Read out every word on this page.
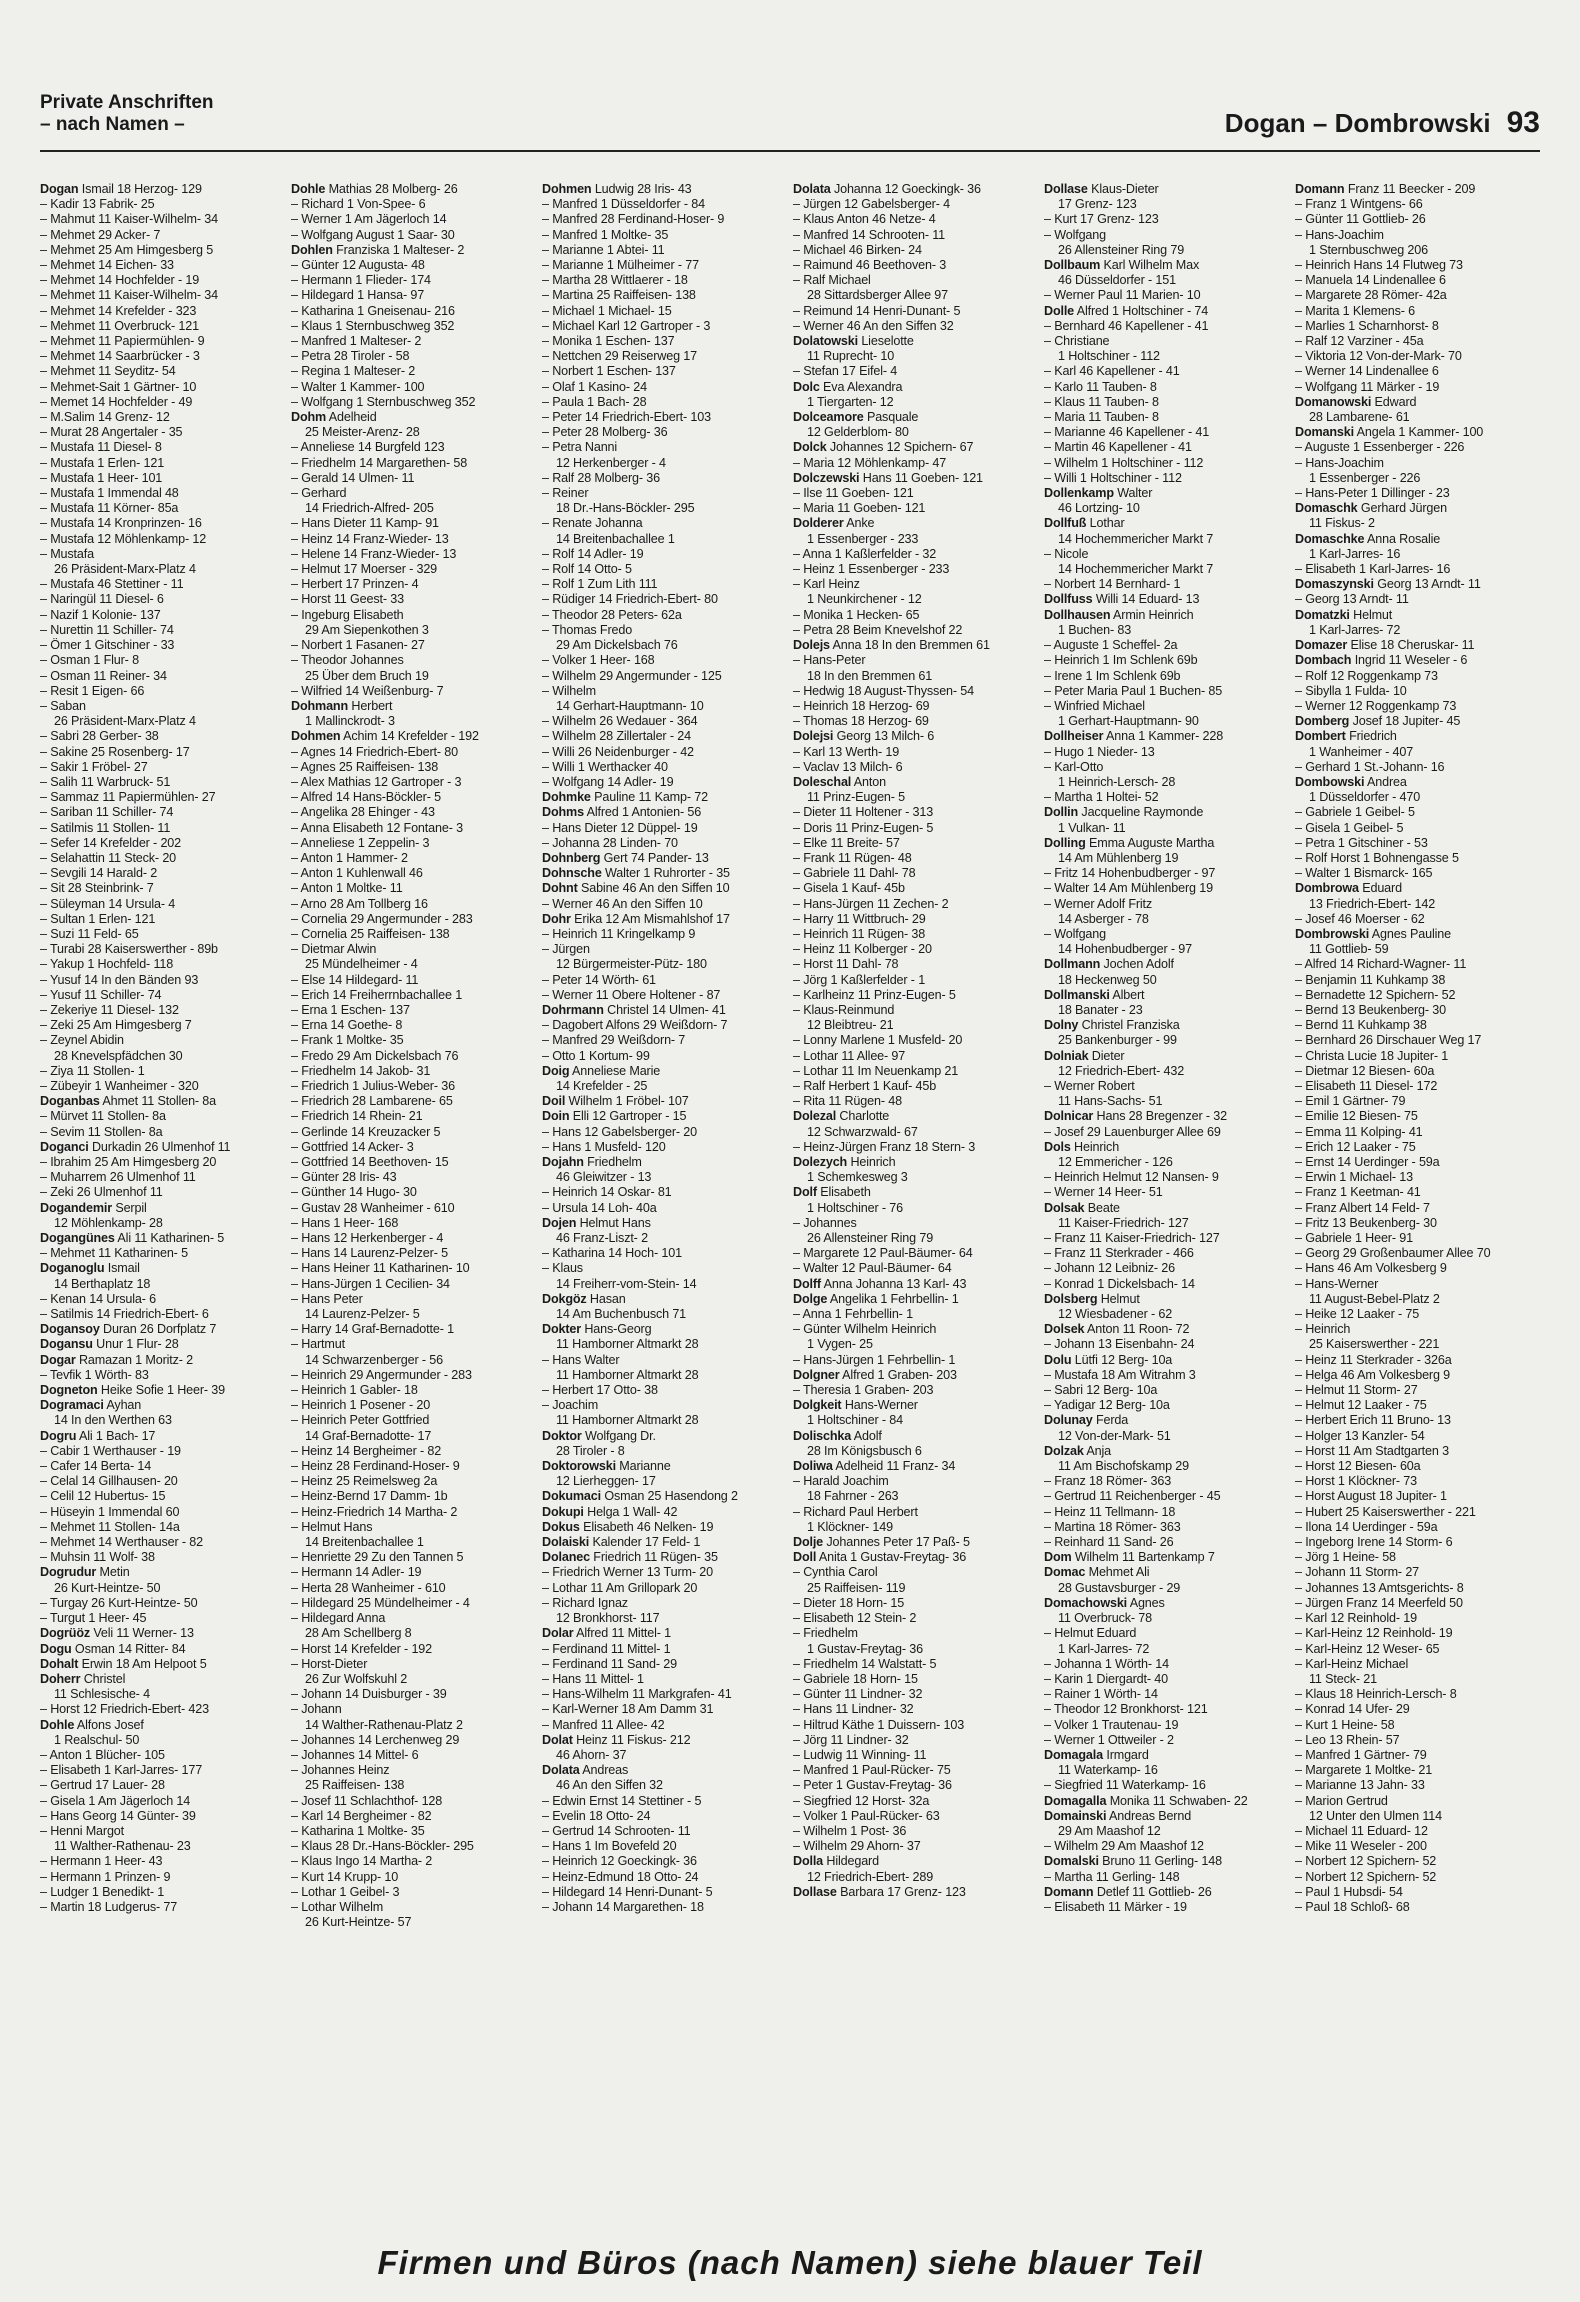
Private Anschriften
– nach Namen –	Dogan – Dombrowski 93
Dogan Ismail 18 Herzog- 129
– Kadir 13 Fabrik- 25
– Mahmut 11 Kaiser-Wilhelm- 34
– Mehmet 29 Acker- 7
– Mehmet 25 Am Himgesberg 5
– Mehmet 14 Eichen- 33
– Mehmet 14 Hochfelder - 19
– Mehmet 11 Kaiser-Wilhelm- 34
– Mehmet 14 Krefelder - 323
– Mehmet 11 Overbruck- 121
– Mehmet 11 Papiermühlen- 9
– Mehmet 14 Saarbrücker - 3
– Mehmet 11 Seyditz- 54
– Mehmet-Sait 1 Gärtner- 10
– Memet 14 Hochfelder - 49
– M.Salim 14 Grenz- 12
– Murat 28 Angertaler - 35
– Mustafa 11 Diesel- 8
– Mustafa 1 Erlen- 121
– Mustafa 1 Heer- 101
– Mustafa 1 Immendal 48
– Mustafa 11 Körner- 85a
– Mustafa 14 Kronprinzen- 16
– Mustafa 12 Möhlenkamp- 12
– Mustafa
26 Präsident-Marx-Platz 4
– Mustafa 46 Stettiner - 11
– Naringül 11 Diesel- 6
– Nazif 1 Kolonie- 137
– Nurettin 11 Schiller- 74
– Ömer 1 Gitschiner - 33
– Osman 1 Flur- 8
– Osman 11 Reiner- 34
– Resit 1 Eigen- 66
– Saban
26 Präsident-Marx-Platz 4
– Sabri 28 Gerber- 38
– Sakine 25 Rosenberg- 17
– Sakir 1 Fröbel- 27
– Salih 11 Warbruck- 51
– Sammaz 11 Papiermühlen- 27
– Sariban 11 Schiller- 74
– Satilmis 11 Stollen- 11
– Sefer 14 Krefelder - 202
– Selahattin 11 Steck- 20
– Sevgili 14 Harald- 2
– Sit 28 Steinbrink- 7
– Süleyman 14 Ursula- 4
– Sultan 1 Erlen- 121
– Suzi 11 Feld- 65
– Turabi 28 Kaiserswerther - 89b
– Yakup 1 Hochfeld- 118
– Yusuf 14 In den Bänden 93
– Yusuf 11 Schiller- 74
– Zekeriye 11 Diesel- 132
– Zeki 25 Am Himgesberg 7
– Zeynel Abidin
28 Knevelspfädchen 30
– Ziya 11 Stollen- 1
– Zübeyir 1 Wanheimer - 320
Doganbas Ahmet 11 Stollen- 8a
– Mürvet 11 Stollen- 8a
– Sevim 11 Stollen- 8a
Doganci Durkadin 26 Ulmenhof 11
– Ibrahim 25 Am Himgesberg 20
– Muharrem 26 Ulmenhof 11
– Zeki 26 Ulmenhof 11
Dogandemir Serpil
12 Möhlenkamp- 28
Dogangünes Ali 11 Katharinen- 5
– Mehmet 11 Katharinen- 5
Doganoglu Ismail
14 Berthaplatz 18
– Kenan 14 Ursula- 6
– Satilmis 14 Friedrich-Ebert- 6
Dogansoy Duran 26 Dorfplatz 7
Dogansu Unur 1 Flur- 28
Dogar Ramazan 1 Moritz- 2
– Tevfik 1 Wörth- 83
Dogneton Heike Sofie 1 Heer- 39
Dogramaci Ayhan
14 In den Werthen 63
Dogru Ali 1 Bach- 17
– Cabir 1 Werthauser - 19
– Cafer 14 Berta- 14
– Celal 14 Gillhausen- 20
– Celil 12 Hubertus- 15
– Hüseyin 1 Immendal 60
– Mehmet 11 Stollen- 14a
– Mehmet 14 Werthauser - 82
– Muhsin 11 Wolf- 38
Dogrudur Metin
26 Kurt-Heintze- 50
– Turgay 26 Kurt-Heintze- 50
– Turgut 1 Heer- 45
Dogrüöz Veli 11 Werner- 13
Dogu Osman 14 Ritter- 84
Dohalt Erwin 18 Am Helpoot 5
Doherr Christel
11 Schlesische- 4
– Horst 12 Friedrich-Ebert- 423
Dohle Alfons Josef
1 Realschul- 50
– Anton 1 Blücher- 105
– Elisabeth 1 Karl-Jarres- 177
– Gertrud 17 Lauer- 28
– Gisela 1 Am Jägerloch 14
– Hans Georg 14 Günter- 39
– Henni Margot
11 Walther-Rathenau- 23
– Hermann 1 Heer- 43
– Hermann 1 Prinzen- 9
– Ludger 1 Benedikt- 1
– Martin 18 Ludgerus- 77
Dohle Mathias 28 Molberg- 26
– Richard 1 Von-Spee- 6
– Werner 1 Am Jägerloch 14
– Wolfgang August 1 Saar- 30
Dohlen Franziska 1 Malteser- 2
– Günter 12 Augusta- 48
– Hermann 1 Flieder- 174
– Hildegard 1 Hansa- 97
– Katharina 1 Gneisenau- 216
– Klaus 1 Sternbuschweg 352
– Manfred 1 Malteser- 2
– Petra 28 Tiroler - 58
– Regina 1 Malteser- 2
– Walter 1 Kammer- 100
– Wolfgang 1 Sternbuschweg 352
Dohm Adelheid
25 Meister-Arenz- 28
– Anneliese 14 Burgfeld 123
– Friedhelm 14 Margarethen- 58
– Gerald 14 Ulmen- 11
– Gerhard
14 Friedrich-Alfred- 205
– Hans Dieter 11 Kamp- 91
– Heinz 14 Franz-Wieder- 13
– Helene 14 Franz-Wieder- 13
– Helmut 17 Moerser - 329
– Herbert 17 Prinzen- 4
– Horst 11 Geest- 33
– Ingeburg Elisabeth
29 Am Siepenkothen 3
– Norbert 1 Fasanen- 27
– Theodor Johannes
25 Über dem Bruch 19
– Wilfried 14 Weißenburg- 7
Dohmann Herbert
1 Mallinckrodt- 3
Dohmen Achim 14 Krefelder - 192
– Agnes 14 Friedrich-Ebert- 80
– Agnes 25 Raiffeisen- 138
– Alex Mathias 12 Gartroper - 3
– Alfred 14 Hans-Böckler- 5
– Angelika 28 Ehinger - 43
– Anna Elisabeth 12 Fontane- 3
– Anneliese 1 Zeppelin- 3
– Anton 1 Hammer- 2
– Anton 1 Kuhlenwall 46
– Anton 1 Moltke- 11
– Arno 28 Am Tollberg 16
– Cornelia 29 Angermunder - 283
– Cornelia 25 Raiffeisen- 138
– Dietmar Alwin
25 Mündelheimer - 4
– Else 14 Hildegard- 11
– Erich 14 Freiherrnbachallee 1
– Erna 1 Eschen- 137
– Erna 14 Goethe- 8
– Frank 1 Moltke- 35
– Fredo 29 Am Dickelsbach 76
– Friedhelm 14 Jakob- 31
– Friedrich 1 Julius-Weber- 36
– Friedrich 28 Lambarene- 65
– Friedrich 14 Rhein- 21
– Gerlinde 14 Kreuzacker 5
– Gottfried 14 Acker- 3
– Gottfried 14 Beethoven- 15
– Günter 28 Iris- 43
– Günther 14 Hugo- 30
– Gustav 28 Wanheimer - 610
– Hans 1 Heer- 168
– Hans 12 Herkenberger - 4
– Hans 14 Laurenz-Pelzer- 5
– Hans Heiner 11 Katharinen- 10
– Hans-Jürgen 1 Cecilien- 34
– Hans Peter
14 Laurenz-Pelzer- 5
– Harry 14 Graf-Bernadotte- 1
– Hartmut
14 Schwarzenberger - 56
– Heinrich 29 Angermunder - 283
– Heinrich 1 Gabler- 18
– Heinrich 1 Posener - 20
– Heinrich Peter Gottfried
14 Graf-Bernadotte- 17
– Heinz 14 Bergheimer - 82
– Heinz 28 Ferdinand-Hoser- 9
– Heinz 25 Reimelsweg 2a
– Heinz-Bernd 17 Damm- 1b
– Heinz-Friedrich 14 Martha- 2
– Helmut Hans
14 Breitenbachallee 1
– Henriette 29 Zu den Tannen 5
– Hermann 14 Adler- 19
– Herta 28 Wanheimer - 610
– Hildegard 25 Mündelheimer - 4
– Hildegard Anna
28 Am Schellberg 8
– Horst 14 Krefelder - 192
– Horst-Dieter
26 Zur Wolfskuhl 2
– Johann 14 Duisburger - 39
– Johann
14 Walther-Rathenau-Platz 2
– Johannes 14 Lerchenweg 29
– Johannes 14 Mittel- 6
– Johannes Heinz
25 Raiffeisen- 138
– Josef 11 Schlachthof- 128
– Karl 14 Bergheimer - 82
– Katharina 1 Moltke- 35
– Klaus 28 Dr.-Hans-Böckler- 295
– Klaus Ingo 14 Martha- 2
– Kurt 14 Krupp- 10
– Lothar 1 Geibel- 3
– Lothar Wilhelm
26 Kurt-Heintze- 57
Dohmen Ludwig 28 Iris- 43
– Manfred 1 Düsseldorfer - 84
– Manfred 28 Ferdinand-Hoser- 9
– Manfred 1 Moltke- 35
– Marianne 1 Abtei- 11
– Marianne 1 Mülheimer - 77
– Martha 28 Wittlaerer - 18
– Martina 25 Raiffeisen- 138
– Michael 1 Michael- 15
– Michael Karl 12 Gartroper - 3
– Monika 1 Eschen- 137
– Nettchen 29 Reiserweg 17
– Norbert 1 Eschen- 137
– Olaf 1 Kasino- 24
– Paula 1 Bach- 28
– Peter 14 Friedrich-Ebert- 103
– Peter 28 Molberg- 36
– Petra Nanni
12 Herkenberger - 4
– Ralf 28 Molberg- 36
– Reiner
18 Dr.-Hans-Böckler- 295
– Renate Johanna
14 Breitenbachallee 1
– Rolf 14 Adler- 19
– Rolf 14 Otto- 5
– Rolf 1 Zum Lith 111
– Rüdiger 14 Friedrich-Ebert- 80
– Theodor 28 Peters- 62a
– Thomas Fredo
29 Am Dickelsbach 76
– Volker 1 Heer- 168
– Wilhelm 29 Angermunder - 125
– Wilhelm
14 Gerhart-Hauptmann- 10
– Wilhelm 26 Wedauer - 364
– Wilhelm 28 Zillertaler - 24
– Willi 26 Neidenburger - 42
– Willi 1 Werthacker 40
– Wolfgang 14 Adler- 19
Dohmke Pauline 11 Kamp- 72
Dohms Alfred 1 Antonien- 56
– Hans Dieter 12 Düppel- 19
– Johanna 28 Linden- 70
Dohnberg Gert 74 Pander- 13
Dohnsche Walter 1 Ruhrorter - 35
Dohnt Sabine 46 An den Siffen 10
– Werner 46 An den Siffen 10
Dohr Erika 12 Am Mismahlshof 17
– Heinrich 11 Kringelkamp 9
– Jürgen
12 Bürgermeister-Pütz- 180
– Peter 14 Wörth- 61
– Werner 11 Obere Holtener - 87
Dohrmann Christel 14 Ulmen- 41
– Dagobert Alfons 29 Weißdorn- 7
– Manfred 29 Weißdorn- 7
– Otto 1 Kortum- 99
Doig Anneliese Marie
14 Krefelder - 25
Doil Wilhelm 1 Fröbel- 107
Doin Elli 12 Gartroper - 15
– Hans 12 Gabelsberger- 20
– Hans 1 Musfeld- 120
Dojahn Friedhelm
46 Gleiwitzer - 13
– Heinrich 14 Oskar- 81
– Ursula 14 Loh- 40a
Dojen Helmut Hans
46 Franz-Liszt- 2
– Katharina 14 Hoch- 101
– Klaus
14 Freiherr-vom-Stein- 14
Dokgöz Hasan
14 Am Buchenbusch 71
Dokter Hans-Georg
11 Hamborner Altmarkt 28
– Hans Walter
11 Hamborner Altmarkt 28
– Herbert 17 Otto- 38
– Joachim
11 Hamborner Altmarkt 28
Doktor Wolfgang Dr.
28 Tiroler - 8
Doktorowski Marianne
12 Lierheggen- 17
Dokumaci Osman 25 Hasendong 2
Dokupi Helga 1 Wall- 42
Dokus Elisabeth 46 Nelken- 19
Dolaiski Kalender 17 Feld- 1
Dolanec Friedrich 11 Rügen- 35
– Friedrich Werner 13 Turm- 20
– Lothar 11 Am Grillopark 20
– Richard Ignaz
12 Bronkhorst- 117
Dolar Alfred 11 Mittel- 1
– Ferdinand 11 Mittel- 1
– Ferdinand 11 Sand- 29
– Hans 11 Mittel- 1
– Hans-Wilhelm 11 Markgrafen- 41
– Karl-Werner 18 Am Damm 31
– Manfred 11 Allee- 42
Dolat Heinz 11 Fiskus- 212
46 Ahorn- 37
Dolata Andreas
46 An den Siffen 32
– Edwin Ernst 14 Stettiner - 5
– Evelin 18 Otto- 24
– Gertrud 14 Schrooten- 11
– Hans 1 Im Bovefeld 20
– Heinrich 12 Goeckingk- 36
– Heinz-Edmund 18 Otto- 24
– Hildegard 14 Henri-Dunant- 5
– Johann 14 Margarethen- 18
Dolata Johanna 12 Goeckingk- 36
– Jürgen 12 Gabelsberger- 4
– Klaus Anton 46 Netze- 4
– Manfred 14 Schrooten- 11
– Michael 46 Birken- 24
– Raimund 46 Beethoven- 3
– Ralf Michael
28 Sittardsberger Allee 97
– Reimund 14 Henri-Dunant- 5
– Werner 46 An den Siffen 32
Dolatowski Lieselotte
11 Ruprecht- 10
– Stefan 17 Eifel- 4
Dolc Eva Alexandra
1 Tiergarten- 12
Dolceamore Pasquale
12 Gelderblom- 80
Dolck Johannes 12 Spichern- 67
– Maria 12 Möhlenkamp- 47
Dolczewski Hans 11 Goeben- 121
– Ilse 11 Goeben- 121
– Maria 11 Goeben- 121
Dolderer Anke
1 Essenberger - 233
– Anna 1 Kaßlerfelder - 32
– Heinz 1 Essenberger - 233
– Karl Heinz
1 Neunkirchener - 12
– Monika 1 Hecken- 65
– Petra 28 Beim Knevelshof 22
Dolejs Anna 18 In den Bremmen 61
– Hans-Peter
18 In den Bremmen 61
– Hedwig 18 August-Thyssen- 54
– Heinrich 18 Herzog- 69
– Thomas 18 Herzog- 69
Dolejsi Georg 13 Milch- 6
– Karl 13 Werth- 19
– Vaclav 13 Milch- 6
Doleschal Anton
11 Prinz-Eugen- 5
– Dieter 11 Holtener - 313
– Doris 11 Prinz-Eugen- 5
– Elke 11 Breite- 57
– Frank 11 Rügen- 48
– Gabriele 11 Dahl- 78
– Gisela 1 Kauf- 45b
– Hans-Jürgen 11 Zechen- 2
– Harry 11 Wittbruch- 29
– Heinrich 11 Rügen- 38
– Heinz 11 Kolberger - 20
– Horst 11 Dahl- 78
– Jörg 1 Kaßlerfelder - 1
– Karlheinz 11 Prinz-Eugen- 5
– Klaus-Reinmund
12 Bleibtreu- 21
– Lonny Marlene 1 Musfeld- 20
– Lothar 11 Allee- 97
– Lothar 11 Im Neuenkamp 21
– Ralf Herbert 1 Kauf- 45b
– Rita 11 Rügen- 48
Dolezal Charlotte
12 Schwarzwald- 67
– Heinz-Jürgen Franz 18 Stern- 3
Dolezych Heinrich
1 Schemkesweg 3
Dolf Elisabeth
1 Holtschiner - 76
– Johannes
26 Allensteiner Ring 79
– Margarete 12 Paul-Bäumer- 64
– Walter 12 Paul-Bäumer- 64
Dolff Anna Johanna 13 Karl- 43
Dolge Angelika 1 Fehrbellin- 1
– Anna 1 Fehrbellin- 1
– Günter Wilhelm Heinrich
1 Vygen- 25
– Hans-Jürgen 1 Fehrbellin- 1
Dolgner Alfred 1 Graben- 203
– Theresia 1 Graben- 203
Dolgkeit Hans-Werner
1 Holtschiner - 84
Dolischka Adolf
28 Im Königsbusch 6
Doliwa Adelheid 11 Franz- 34
– Harald Joachim
18 Fahrner - 263
– Richard Paul Herbert
1 Klöckner- 149
Dolje Johannes Peter 17 Paß- 5
Doll Anita 1 Gustav-Freytag- 36
– Cynthia Carol
25 Raiffeisen- 119
– Dieter 18 Horn- 15
– Elisabeth 12 Stein- 2
– Friedhelm
1 Gustav-Freytag- 36
– Friedhelm 14 Walstatt- 5
– Gabriele 18 Horn- 15
– Günter 11 Lindner- 32
– Hans 11 Lindner- 32
– Hiltrud Käthe 1 Duissern- 103
– Jörg 11 Lindner- 32
– Ludwig 11 Winning- 11
– Manfred 1 Paul-Rücker- 75
– Peter 1 Gustav-Freytag- 36
– Siegfried 12 Horst- 32a
– Volker 1 Paul-Rücker- 63
– Wilhelm 1 Post- 36
– Wilhelm 29 Ahorn- 37
Dolla Hildegard
12 Friedrich-Ebert- 289
Dollase Barbara 17 Grenz- 123
Dollase Klaus-Dieter
17 Grenz- 123
– Kurt 17 Grenz- 123
– Wolfgang
26 Allensteiner Ring 79
Dollbaum Karl Wilhelm Max
46 Düsseldorfer - 151
– Werner Paul 11 Marien- 10
Dolle Alfred 1 Holtschiner - 74
– Bernhard 46 Kapellener - 41
– Christiane
1 Holtschiner - 112
– Karl 46 Kapellener - 41
– Karlo 11 Tauben- 8
– Klaus 11 Tauben- 8
– Maria 11 Tauben- 8
– Marianne 46 Kapellener - 41
– Martin 46 Kapellener - 41
– Wilhelm 1 Holtschiner - 112
– Willi 1 Holtschiner - 112
Dollenkamp Walter
46 Lortzing- 10
Dollfuß Lothar
14 Hochemmericher Markt 7
– Nicole
14 Hochemmericher Markt 7
– Norbert 14 Bernhard- 1
Dollfuss Willi 14 Eduard- 13
Dollhausen Armin Heinrich
1 Buchen- 83
– Auguste 1 Scheffel- 2a
– Heinrich 1 Im Schlenk 69b
– Irene 1 Im Schlenk 69b
– Peter Maria Paul 1 Buchen- 85
– Winfried Michael
1 Gerhart-Hauptmann- 90
Dollheiser Anna 1 Kammer- 228
– Hugo 1 Nieder- 13
– Karl-Otto
1 Heinrich-Lersch- 28
– Martha 1 Holtei- 52
Dollin Jacqueline Raymonde
1 Vulkan- 11
Dolling Emma Auguste Martha
14 Am Mühlenberg 19
– Fritz 14 Hohenbudberger - 97
– Walter 14 Am Mühlenberg 19
– Werner Adolf Fritz
14 Asberger - 78
– Wolfgang
14 Hohenbudberger - 97
Dollmann Jochen Adolf
18 Heckenweg 50
Dollmanski Albert
18 Banater - 23
Dolny Christel Franziska
25 Bankenburger - 99
Dolniak Dieter
12 Friedrich-Ebert- 432
– Werner Robert
11 Hans-Sachs- 51
Dolnicar Hans 28 Bregenzer - 32
– Josef 29 Lauenburger Allee 69
Dols Heinrich
12 Emmericher - 126
– Heinrich Helmut 12 Nansen- 9
– Werner 14 Heer- 51
Dolsak Beate
11 Kaiser-Friedrich- 127
– Franz 11 Kaiser-Friedrich- 127
– Franz 11 Sterkrader - 466
– Johann 12 Leibniz- 26
– Konrad 1 Dickelsbach- 14
Dolsberg Helmut
12 Wiesbadener - 62
Dolsek Anton 11 Roon- 72
– Johann 13 Eisenbahn- 24
Dolu Lütfi 12 Berg- 10a
– Mustafa 18 Am Witrahm 3
– Sabri 12 Berg- 10a
– Yadigar 12 Berg- 10a
Dolunay Ferda
12 Von-der-Mark- 51
Dolzak Anja
11 Am Bischofskamp 29
– Franz 18 Römer- 363
– Gertrud 11 Reichenberger - 45
– Heinz 11 Tellmann- 18
– Martina 18 Römer- 363
– Reinhard 11 Sand- 26
Dom Wilhelm 11 Bartenkamp 7
Domac Mehmet Ali
28 Gustavsburger - 29
Domachowski Agnes
11 Overbruck- 78
– Helmut Eduard
1 Karl-Jarres- 72
– Johanna 1 Wörth- 14
– Karin 1 Diergardt- 40
– Rainer 1 Wörth- 14
– Theodor 12 Bronkhorst- 121
– Volker 1 Trautenau- 19
– Werner 1 Ottweiler - 2
Domagala Irmgard
11 Waterkamp- 16
– Siegfried 11 Waterkamp- 16
Domagalla Monika 11 Schwaben- 22
Domainski Andreas Bernd
29 Am Maashof 12
– Wilhelm 29 Am Maashof 12
Domalski Bruno 11 Gerling- 148
– Martha 11 Gerling- 148
Domann Detlef 11 Gottlieb- 26
– Elisabeth 11 Märker - 19
Domann Franz 11 Beecker - 209
– Franz 1 Wintgens- 66
– Günter 11 Gottlieb- 26
– Hans-Joachim
1 Sternbuschweg 206
– Heinrich Hans 14 Flutweg 73
– Manuela 14 Lindenallee 6
– Margarete 28 Römer- 42a
– Marita 1 Klemens- 6
– Marlies 1 Scharnhorst- 8
– Ralf 12 Varziner - 45a
– Viktoria 12 Von-der-Mark- 70
– Werner 14 Lindenallee 6
– Wolfgang 11 Märker - 19
Domanowski Edward
28 Lambarene- 61
Domanski Angela 1 Kammer- 100
– Auguste 1 Essenberger - 226
– Hans-Joachim
1 Essenberger - 226
– Hans-Peter 1 Dillinger - 23
Domaschk Gerhard Jürgen
11 Fiskus- 2
Domaschke Anna Rosalie
1 Karl-Jarres- 16
– Elisabeth 1 Karl-Jarres- 16
Domaszynski Georg 13 Arndt- 11
– Georg 13 Arndt- 11
Domatzki Helmut
1 Karl-Jarres- 72
Domazer Elise 18 Cheruskar- 11
Dombach Ingrid 11 Weseler - 6
– Rolf 12 Roggenkamp 73
– Sibylla 1 Fulda- 10
– Werner 12 Roggenkamp 73
Domberg Josef 18 Jupiter- 45
Dombert Friedrich
1 Wanheimer - 407
– Gerhard 1 St.-Johann- 16
Dombowski Andrea
1 Düsseldorfer - 470
– Gabriele 1 Geibel- 5
– Gisela 1 Geibel- 5
– Petra 1 Gitschiner - 53
– Rolf Horst 1 Bohnengasse 5
– Walter 1 Bismarck- 165
Dombrowa Eduard
13 Friedrich-Ebert- 142
– Josef 46 Moerser - 62
Dombrowski Agnes Pauline
11 Gottlieb- 59
– Alfred 14 Richard-Wagner- 11
– Benjamin 11 Kuhkamp 38
– Bernadette 12 Spichern- 52
– Bernd 13 Beukenberg- 30
– Bernd 11 Kuhkamp 38
– Bernhard 26 Dirschauer Weg 17
– Christa Lucie 18 Jupiter- 1
– Dietmar 12 Biesen- 60a
– Elisabeth 11 Diesel- 172
– Emil 1 Gärtner- 79
– Emilie 12 Biesen- 75
– Emma 11 Kolping- 41
– Erich 12 Laaker - 75
– Ernst 14 Uerdinger - 59a
– Erwin 1 Michael- 13
– Franz 1 Keetman- 41
– Franz Albert 14 Feld- 7
– Fritz 13 Beukenberg- 30
– Gabriele 1 Heer- 91
– Georg 29 Großenbaumer Allee 70
– Hans 46 Am Volkesberg 9
– Hans-Werner
11 August-Bebel-Platz 2
– Heike 12 Laaker - 75
– Heinrich
25 Kaiserswerther - 221
– Heinz 11 Sterkrader - 326a
– Helga 46 Am Volkesberg 9
– Helmut 11 Storm- 27
– Helmut 12 Laaker - 75
– Herbert Erich 11 Bruno- 13
– Holger 13 Kanzler- 54
– Horst 11 Am Stadtgarten 3
– Horst 12 Biesen- 60a
– Horst 1 Klöckner- 73
– Horst August 18 Jupiter- 1
– Hubert 25 Kaiserswerther - 221
– Ilona 14 Uerdinger - 59a
– Ingeborg Irene 14 Storm- 6
– Jörg 1 Heine- 58
– Johann 11 Storm- 27
– Johannes 13 Amtsgerichts- 8
– Jürgen Franz 14 Meerfeld 50
– Karl 12 Reinhold- 19
– Karl-Heinz 12 Reinhold- 19
– Karl-Heinz 12 Weser- 65
– Karl-Heinz Michael
11 Steck- 21
– Klaus 18 Heinrich-Lersch- 8
– Konrad 14 Ufer- 29
– Kurt 1 Heine- 58
– Leo 13 Rhein- 57
– Manfred 1 Gärtner- 79
– Margarete 1 Moltke- 21
– Marianne 13 Jahn- 33
– Marion Gertrud
12 Unter den Ulmen 114
– Michael 11 Eduard- 12
– Mike 11 Weseler - 200
– Norbert 12 Spichern- 52
– Norbert 12 Spichern- 52
– Paul 1 Hubsdi- 54
– Paul 18 Schloß- 68
Firmen und Büros (nach Namen) siehe blauer Teil
